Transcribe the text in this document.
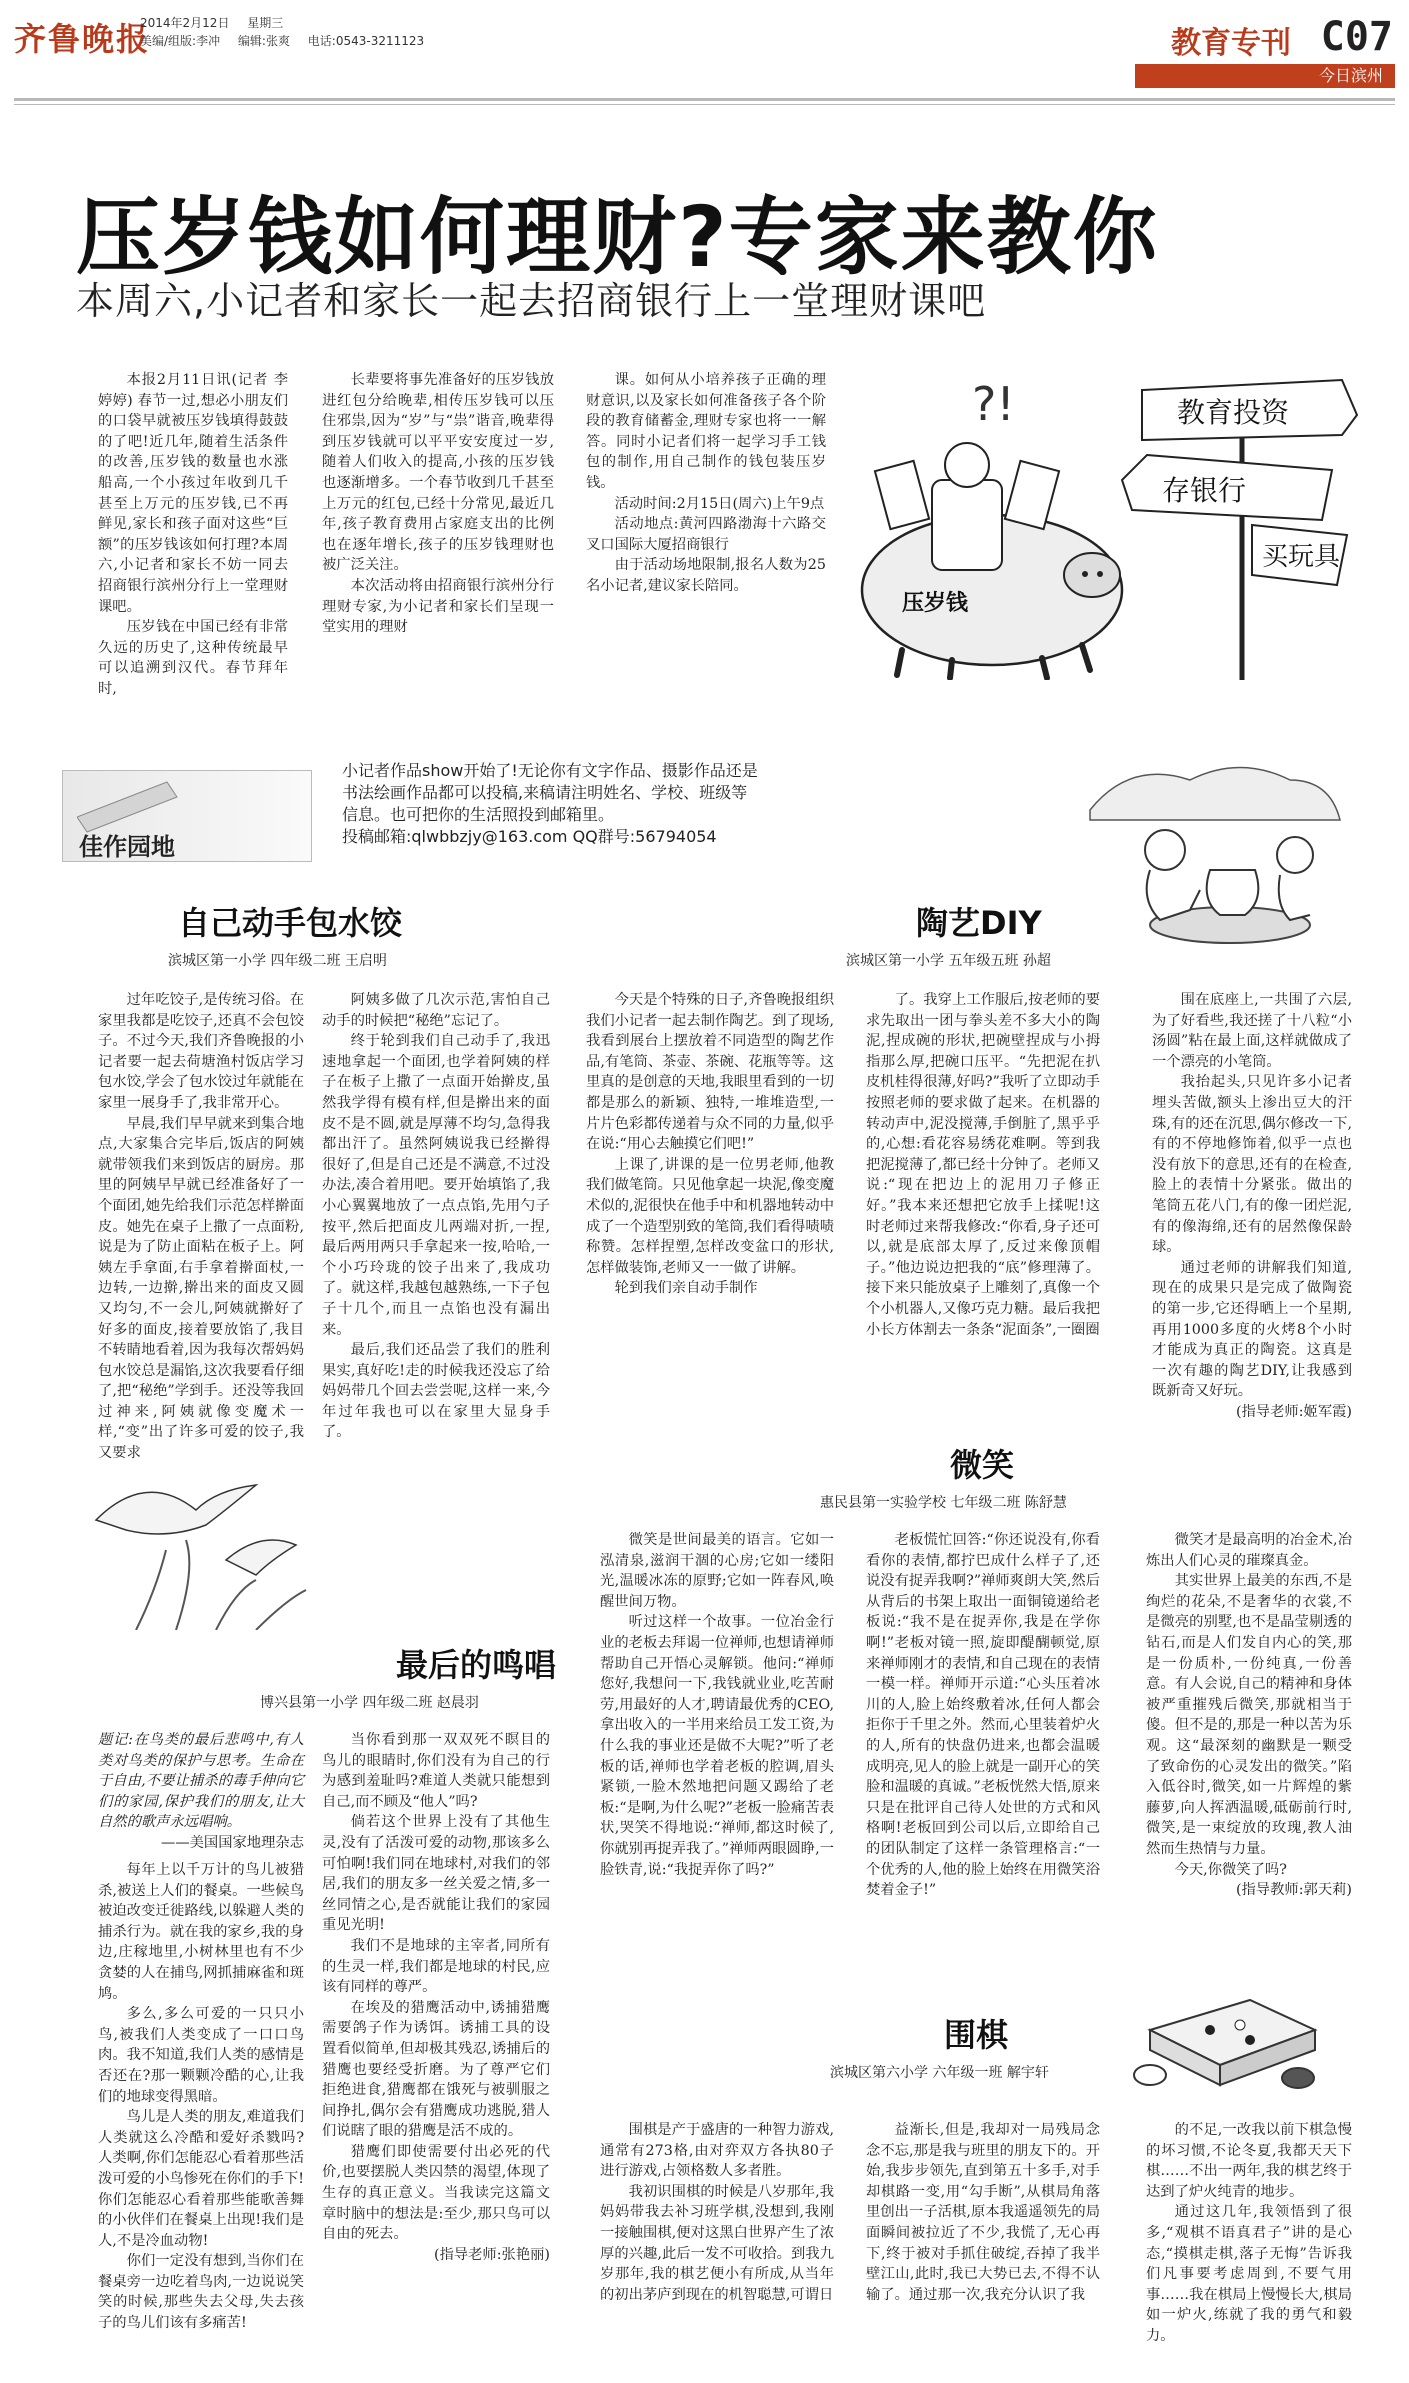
齐鲁晚报
2014年2月12日 星期三
美编/组版:李冲 编辑:张爽 电话:0543-3211123	教育专刊 C07
今日滨州
压岁钱如何理财?专家来教你
本周六,小记者和家长一起去招商银行上一堂理财课吧

本报2月11日讯(记者 李婷婷) 春节一过,想必小朋友们的口袋早就被压岁钱填得鼓鼓的了吧!近几年,随着生活条件的改善,压岁钱的数量也水涨船高,一个小孩过年收到几千甚至上万元的压岁钱,已不再鲜见,家长和孩子面对这些“巨额”的压岁钱该如何打理?本周六,小记者和家长不妨一同去招商银行滨州分行上一堂理财课吧。

压岁钱在中国已经有非常久远的历史了,这种传统最早可以追溯到汉代。春节拜年时,

长辈要将事先准备好的压岁钱放进红包分给晚辈,相传压岁钱可以压住邪祟,因为“岁”与“祟”谐音,晚辈得到压岁钱就可以平平安安度过一岁,随着人们收入的提高,小孩的压岁钱也逐渐增多。一个春节收到几千甚至上万元的红包,已经十分常见,最近几年,孩子教育费用占家庭支出的比例也在逐年增长,孩子的压岁钱理财也被广泛关注。

本次活动将由招商银行滨州分行理财专家,为小记者和家长们呈现一堂实用的理财

课。如何从小培养孩子正确的理财意识,以及家长如何准备孩子各个阶段的教育储蓄金,理财专家也将一一解答。同时小记者们将一起学习手工钱包的制作,用自己制作的钱包装压岁钱。

活动时间:2月15日(周六)上午9点

活动地点:黄河四路渤海十六路交叉口国际大厦招商银行

由于活动场地限制,报名人数为25名小记者,建议家长陪同。

?!
压岁钱
教育投资
存银行
买玩具
佳作园地
小记者作品show开始了!无论你有文字作品、摄影作品还是书法绘画作品都可以投稿,来稿请注明姓名、学校、班级等信息。也可把你的生活照投到邮箱里。
投稿邮箱:qlwbbzjy@163.com QQ群号:56794054
自己动手包水饺
滨城区第一小学 四年级二班 王启明

过年吃饺子,是传统习俗。在家里我都是吃饺子,还真不会包饺子。不过今天,我们齐鲁晚报的小记者要一起去荷塘渔村饭店学习包水饺,学会了包水饺过年就能在家里一展身手了,我非常开心。

早晨,我们早早就来到集合地点,大家集合完毕后,饭店的阿姨就带领我们来到饭店的厨房。那里的阿姨早早就已经准备好了一个面团,她先给我们示范怎样擀面皮。她先在桌子上撒了一点面粉,说是为了防止面粘在板子上。阿姨左手拿面,右手拿着擀面杖,一边转,一边擀,擀出来的面皮又圆又均匀,不一会儿,阿姨就擀好了好多的面皮,接着要放馅了,我目不转睛地看着,因为我每次帮妈妈包水饺总是漏馅,这次我要看仔细了,把“秘绝”学到手。还没等我回过神来,阿姨就像变魔术一样,“变”出了许多可爱的饺子,我又要求

阿姨多做了几次示范,害怕自己动手的时候把“秘绝”忘记了。

终于轮到我们自己动手了,我迅速地拿起一个面团,也学着阿姨的样子在板子上撒了一点面开始擀皮,虽然我学得有模有样,但是擀出来的面皮不是不圆,就是厚薄不均匀,急得我都出汗了。虽然阿姨说我已经擀得很好了,但是自己还是不满意,不过没办法,凑合着用吧。要开始填馅了,我小心翼翼地放了一点点馅,先用勺子按平,然后把面皮儿两端对折,一捏,最后两用两只手拿起来一按,哈哈,一个小巧玲珑的饺子出来了,我成功了。就这样,我越包越熟练,一下子包子十几个,而且一点馅也没有漏出来。

最后,我们还品尝了我们的胜利果实,真好吃!走的时候我还没忘了给妈妈带几个回去尝尝呢,这样一来,今年过年我也可以在家里大显身手了。

陶艺DIY
滨城区第一小学 五年级五班 孙超

今天是个特殊的日子,齐鲁晚报组织我们小记者一起去制作陶艺。到了现场,我看到展台上摆放着不同造型的陶艺作品,有笔筒、茶壶、茶碗、花瓶等等。这里真的是创意的天地,我眼里看到的一切都是那么的新颖、独特,一堆堆造型,一片片色彩都传递着与众不同的力量,似乎在说:“用心去触摸它们吧!”

上课了,讲课的是一位男老师,他教我们做笔筒。只见他拿起一块泥,像变魔术似的,泥很快在他手中和机器地转动中成了一个造型别致的笔筒,我们看得啧啧称赞。怎样捏塑,怎样改变盆口的形状,怎样做装饰,老师又一一做了讲解。

轮到我们亲自动手制作

了。我穿上工作服后,按老师的要求先取出一团与拳头差不多大小的陶泥,捏成碗的形状,把碗壁捏成与小拇指那么厚,把碗口压平。“先把泥在扒皮机桂得很薄,好吗?”我听了立即动手按照老师的要求做了起来。在机器的转动声中,泥没搅薄,手倒脏了,黑乎乎的,心想:看花容易绣花难啊。等到我把泥搅薄了,都已经十分钟了。老师又说:“现在把边上的泥用刀子修正好。”我本来还想把它放手上揉呢!这时老师过来帮我修改:“你看,身子还可以,就是底部太厚了,反过来像顶帽子。”他边说边把我的“底”修理薄了。接下来只能放桌子上雕刻了,真像一个个小机器人,又像巧克力糖。最后我把小长方体割去一条条“泥面条”,一圈圈

围在底座上,一共围了六层,为了好看些,我还搓了十八粒“小汤圆”粘在最上面,这样就做成了一个漂亮的小笔筒。

我抬起头,只见许多小记者埋头苦做,额头上渗出豆大的汗珠,有的还在沉思,偶尔修改一下,有的不停地修饰着,似乎一点也没有放下的意思,还有的在检查,脸上的表情十分紧张。做出的笔筒五花八门,有的像一团烂泥,有的像海绵,还有的居然像保龄球。

通过老师的讲解我们知道,现在的成果只是完成了做陶瓷的第一步,它还得晒上一个星期,再用1000多度的火烤8个小时才能成为真正的陶瓷。这真是一次有趣的陶艺DIY,让我感到既新奇又好玩。

(指导老师:姬军霞)

最后的鸣唱
博兴县第一小学 四年级二班 赵晨羽
题记:在鸟类的最后悲鸣中,有人类对鸟类的保护与思考。生命在于自由,不要让捕杀的毒手伸向它们的家园,保护我们的朋友,让大自然的歌声永远唱响。
——美国国家地理杂志

每年上以千万计的鸟儿被猎杀,被送上人们的餐桌。一些候鸟被迫改变迁徙路线,以躲避人类的捕杀行为。就在我的家乡,我的身边,庄稼地里,小树林里也有不少贪婪的人在捕鸟,网抓捕麻雀和斑鸠。

多么,多么可爱的一只只小鸟,被我们人类变成了一口口鸟肉。我不知道,我们人类的感情是否还在?那一颗颗冷酷的心,让我们的地球变得黑暗。

鸟儿是人类的朋友,难道我们人类就这么冷酷和爱好杀戮吗?人类啊,你们怎能忍心看着那些活泼可爱的小鸟惨死在你们的手下!你们怎能忍心看着那些能歌善舞的小伙伴们在餐桌上出现!我们是人,不是冷血动物!

你们一定没有想到,当你们在餐桌旁一边吃着鸟肉,一边说说笑笑的时候,那些失去父母,失去孩子的鸟儿们该有多痛苦!

当你看到那一双双死不瞑目的鸟儿的眼睛时,你们没有为自己的行为感到羞耻吗?难道人类就只能想到自己,而不顾及“他人”吗?

倘若这个世界上没有了其他生灵,没有了活泼可爱的动物,那该多么可怕啊!我们同在地球村,对我们的邻居,我们的朋友多一丝关爱之情,多一丝同情之心,是否就能让我们的家园重见光明!

我们不是地球的主宰者,同所有的生灵一样,我们都是地球的村民,应该有同样的尊严。

在埃及的猎鹰活动中,诱捕猎鹰需要鸽子作为诱饵。诱捕工具的设置看似简单,但却极其残忍,诱捕后的猎鹰也要经受折磨。为了尊严它们拒绝进食,猎鹰都在饿死与被驯服之间挣扎,偶尔会有猎鹰成功逃脱,猎人们说瞎了眼的猎鹰是活不成的。

猎鹰们即使需要付出必死的代价,也要摆脱人类囚禁的渴望,体现了生存的真正意义。当我读完这篇文章时脑中的想法是:至少,那只鸟可以自由的死去。

(指导老师:张艳丽)

微笑
惠民县第一实验学校 七年级二班 陈舒慧

微笑是世间最美的语言。它如一泓清泉,滋润干涸的心房;它如一缕阳光,温暖冰冻的原野;它如一阵春风,唤醒世间万物。

听过这样一个故事。一位冶金行业的老板去拜谒一位禅师,也想请禅师帮助自己开悟心灵解锁。他问:“禅师您好,我想问一下,我钱就业业,吃苦耐劳,用最好的人才,聘请最优秀的CEO,拿出收入的一半用来给员工发工资,为什么我的事业还是做不大呢?”听了老板的话,禅师也学着老板的腔调,眉头紧锁,一脸木然地把问题又踢给了老板:“是啊,为什么呢?”老板一脸痛苦表状,哭笑不得地说:“禅师,都这时候了,你就别再捉弄我了。”禅师两眼圆睁,一脸铁青,说:“我捉弄你了吗?”

老板慌忙回答:“你还说没有,你看看你的表情,都拧巴成什么样子了,还说没有捉弄我啊?”禅师爽朗大笑,然后从背后的书架上取出一面铜镜递给老板说:“我不是在捉弄你,我是在学你啊!”老板对镜一照,旋即醍醐顿觉,原来禅师刚才的表情,和自己现在的表情一模一样。禅师开示道:“心头压着冰川的人,脸上始终敷着冰,任何人都会拒你于千里之外。然而,心里装着炉火的人,所有的快盘仍进来,也都会温暖成明亮,见人的脸上就是一副开心的笑脸和温暖的真诚。”老板恍然大悟,原来只是在批评自己待人处世的方式和风格啊!老板回到公司以后,立即给自己的团队制定了这样一条管理格言:“一个优秀的人,他的脸上始终在用微笑浴焚着金子!”

微笑才是最高明的冶金术,冶炼出人们心灵的璀璨真金。

其实世界上最美的东西,不是绚烂的花朵,不是奢华的衣裳,不是微亮的别墅,也不是晶莹剔透的钻石,而是人们发自内心的笑,那是一份质朴,一份纯真,一份善意。有人会说,自己的精神和身体被严重摧残后微笑,那就相当于傻。但不是的,那是一种以苦为乐观。这“最深刻的幽默是一颗受了致命伤的心灵发出的微笑。”陷入低谷时,微笑,如一片辉煌的紫藤萝,向人挥洒温暖,砥砺前行时,微笑,是一束绽放的玫瑰,教人油然而生热情与力量。

今天,你微笑了吗?

(指导教师:郭天莉)

围棋
滨城区第六小学 六年级一班 解宇轩

围棋是产于盛唐的一种智力游戏,通常有273格,由对弈双方各执80子进行游戏,占领格数人多者胜。

我初识围棋的时候是八岁那年,我妈妈带我去补习班学棋,没想到,我刚一接触围棋,便对这黑白世界产生了浓厚的兴趣,此后一发不可收拾。到我九岁那年,我的棋艺便小有所成,从当年的初出茅庐到现在的机智聪慧,可谓日

益渐长,但是,我却对一局残局念念不忘,那是我与班里的朋友下的。开始,我步步领先,直到第五十多手,对手却棋路一变,用“勾手断”,从棋局角落里创出一子活棋,原本我遥遥领先的局面瞬间被拉近了不少,我慌了,无心再下,终于被对手抓住破绽,吞掉了我半壁江山,此时,我已大势已去,不得不认输了。通过那一次,我充分认识了我

的不足,一改我以前下棋急慢的坏习惯,不论冬夏,我都天天下棋……不出一两年,我的棋艺终于达到了炉火纯青的地步。

通过这几年,我领悟到了很多,“观棋不语真君子”讲的是心态,“摸棋走棋,落子无悔”告诉我们凡事要考虑周到,不要气用事……我在棋局上慢慢长大,棋局如一炉火,练就了我的勇气和毅力。
